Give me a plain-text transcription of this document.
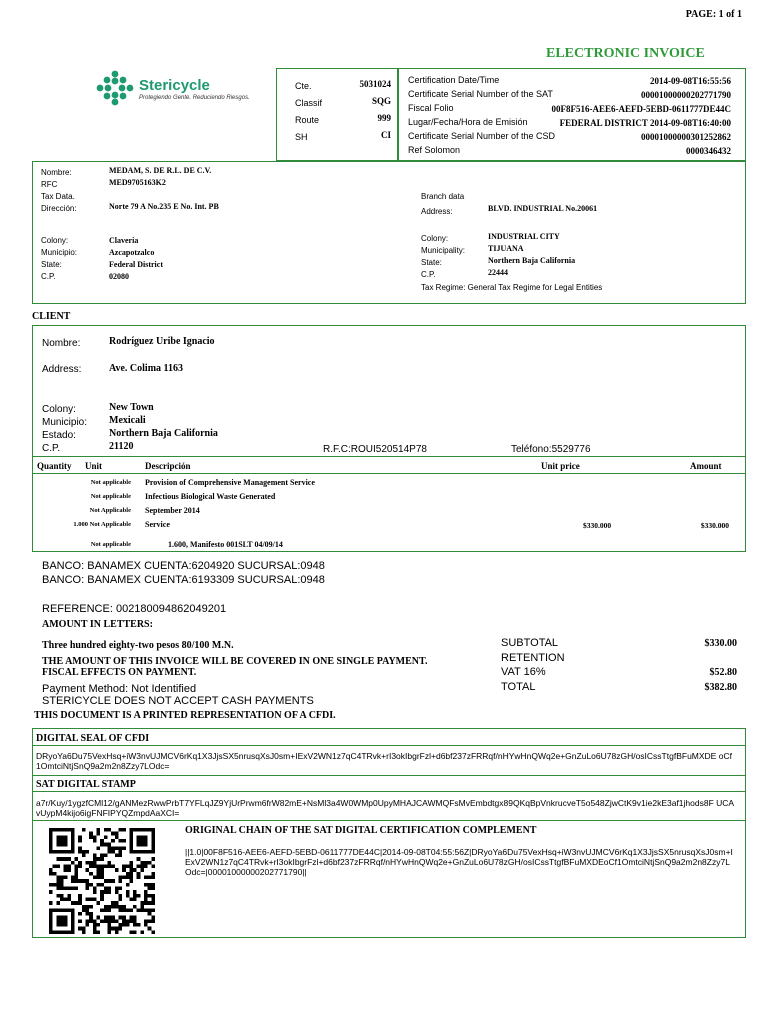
PAGE: 1 of 1
ELECTRONIC INVOICE
Stericycle
Protegiendo Gente. Reduciendo Riesgos.
Cte.	5031024
Classif	SQG
Route	999
SH	CI
Certification Date/Time	2014-09-08T16:55:56
Certificate Serial Number of the SAT	00001000000202771790
Fiscal Folio	00F8F516-AEE6-AEFD-5EBD-0611777DE44C
Lugar/Fecha/Hora de Emisión	FEDERAL DISTRICT 2014-09-08T16:40:00
Certificate Serial Number of the CSD	00001000000301252862
Ref Solomon	0000346432
Nombre:	MEDAM, S. DE R.L. DE C.V.
RFC	MED9705163K2
Tax Data.
Dirección:	Norte 79 A No.235 E No. Int. PB
Colony:	Claveria
Municipio:	Azcapotzalco
State:	Federal District
C.P.	02080
Branch data
Address:	BLVD. INDUSTRIAL No.20061
Colony:	INDUSTRIAL CITY
Municipality:	TIJUANA
State:	Northern Baja California
C.P.	22444
Tax Regime: General Tax Regime for Legal Entities
CLIENT
Nombre:	Rodríguez Uribe Ignacio
Address:	Ave. Colima 1163
Colony:	New Town
Municipio: Mexicali
Estado:	Northern Baja California
C.P.	21120	R.F.C:ROUI520514P78	Teléfono:5529776
Quantity Unit	Descripción	Unit price	Amount
Not applicable Provision of Comprehensive Management Service
Not applicable Infectious Biological Waste Generated
Not Applicable September 2014
1.000 Not Applicable Service	$330.000	$330.000
Not applicable	1.600, Manifesto 001SLT 04/09/14
BANCO: BANAMEX CUENTA:6204920 SUCURSAL:0948
BANCO: BANAMEX CUENTA:6193309 SUCURSAL:0948
REFERENCE: 002180094862049201
AMOUNT IN LETTERS:
Three hundred eighty-two pesos 80/100 M.N.
THE AMOUNT OF THIS INVOICE WILL BE COVERED IN ONE SINGLE PAYMENT.
FISCAL EFFECTS ON PAYMENT.
Payment Method: Not Identified
STERICYCLE DOES NOT ACCEPT CASH PAYMENTS
THIS DOCUMENT IS A PRINTED REPRESENTATION OF A CFDI.
SUBTOTAL	$330.00
RETENTION
VAT 16%	$52.80
TOTAL	$382.80
DIGITAL SEAL OF CFDI
DRyoYa6Du75VexHsq+iW3nvUJMCV6rKq1X3JjsSX5nrusqXsJ0sm+IExV2WN1z7qC4TRvk+rI3okIbgrFzl+d6bf237zFRRqf/nHYwHnQWq2e+GnZuLo6U78zGH/osICssTtgfBFuMXDE oCf1OmtciNtjSnQ9a2m2n8Zzy7LOdc=
SAT DIGITAL STAMP
a7r/Kuy/1ygzfCMl12/gANMezRwwPrbT7YFLqJZ9YjUrPrwm6frW82mE+NsMl3a4W0WMp0UpyMHAJCAWMQFsMvEmbdtgx89QKqBpVnkrucveT5o548ZjwCtK9v1ie2kE3af1jhods8F UCAvUypM4kijo6igFNFIPYQZmpdAaXCI=
ORIGINAL CHAIN OF THE SAT DIGITAL CERTIFICATION COMPLEMENT
||1.0|00F8F516-AEE6-AEFD-5EBD-0611777DE44C|2014-09-08T04:55:56Z|DRyoYa6Du75VexHsq+iW3nvUJMCV6rKq1X3JjsSX5nrusqXsJ0sm+IExV2WN1z7qC4TRvk+rI3okIbgrFzl+d6bf237zFRRqf/nHYwHnQWq2e+GnZuLo6U78zGH/osICssTtgfBFuMXDEoCf1OmtciNtjSnQ9a2m2n8Zzy7LOdc=|00001000000202771790||
